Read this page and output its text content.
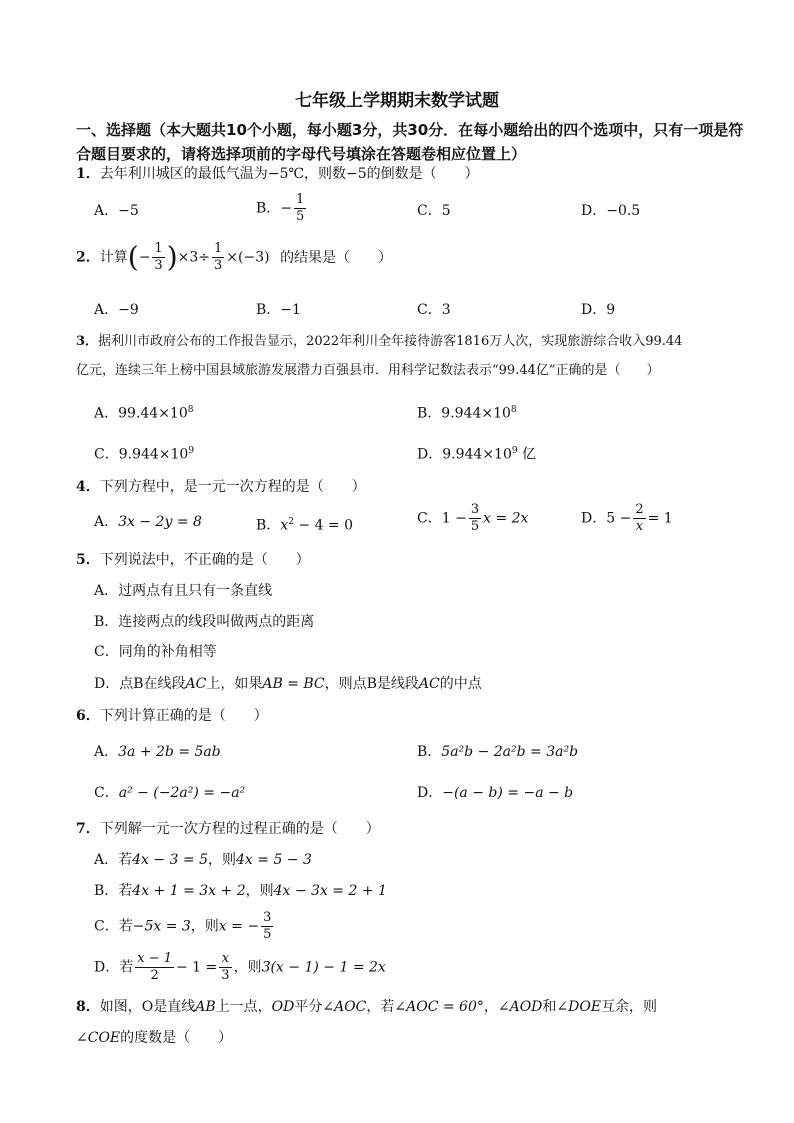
七年级上学期期末数学试题
一、选择题（本大题共10个小题，每小题3分，共30分．在每小题给出的四个选项中，只有一项是符合题目要求的，请将选择项前的字母代号填涂在答题卷相应位置上）
1．去年利川城区的最低气温为−5℃，则数−5的倒数是（　　）
A．−5	B．− $\frac{1}{5}$	C．5	D．−0.5
2．计算(− $\frac{1}{3} )\times 3\div \frac{1}{3} \times(-3)$ 的结果是（　　）
A．−9	B．−1	C．3	D．9
3．据利川市政府公布的工作报告显示，2022年利川全年接待游客1816万人次，实现旅游综合收入99.44
亿元，连续三年上榜中国县域旅游发展潜力百强县市．用科学记数法表示“99.44亿”正确的是（　　）
A．$99.44\times 10^8$	B．$9.944\times 10^8$
C．$9.944\times 10^9$	D．$9.944\times 10^9$ 亿
4．下列方程中，是一元一次方程的是（　　）
A．3x − 2y = 8	B．$x^2 - 4 = 0$	C．$1 - \frac{3}{5}$ x = 2x	D．$5 - \frac{2}{x} = 1$
5．下列说法中，不正确的是（　　）
A．过两点有且只有一条直线
B．连接两点的线段叫做两点的距离
C．同角的补角相等
D．点B在线段AC上，如果AB = BC，则点B是线段AC的中点
6．下列计算正确的是（　　）
A．3a + 2b = 5ab	B．5a²b − 2a²b = 3a²b
C．a² − (−2a²) = −a²	D．−(a − b) = −a − b
7．下列解一元一次方程的过程正确的是（　　）
A．若4x − 3 = 5，则4x = 5 − 3
B．若4x + 1 = 3x + 2，则4x − 3x = 2 + 1
C．若−5x = 3，则x = − $\frac{3}{5}$
D．若 $\frac{x - 1}{2} - 1 = \frac{x}{3}$ ，则3(x − 1) − 1 = 2x
8．如图，O是直线AB上一点，OD平分∠AOC，若∠AOC = 60°，∠AOD和∠DOE互余，则
∠COE的度数是（　　）
